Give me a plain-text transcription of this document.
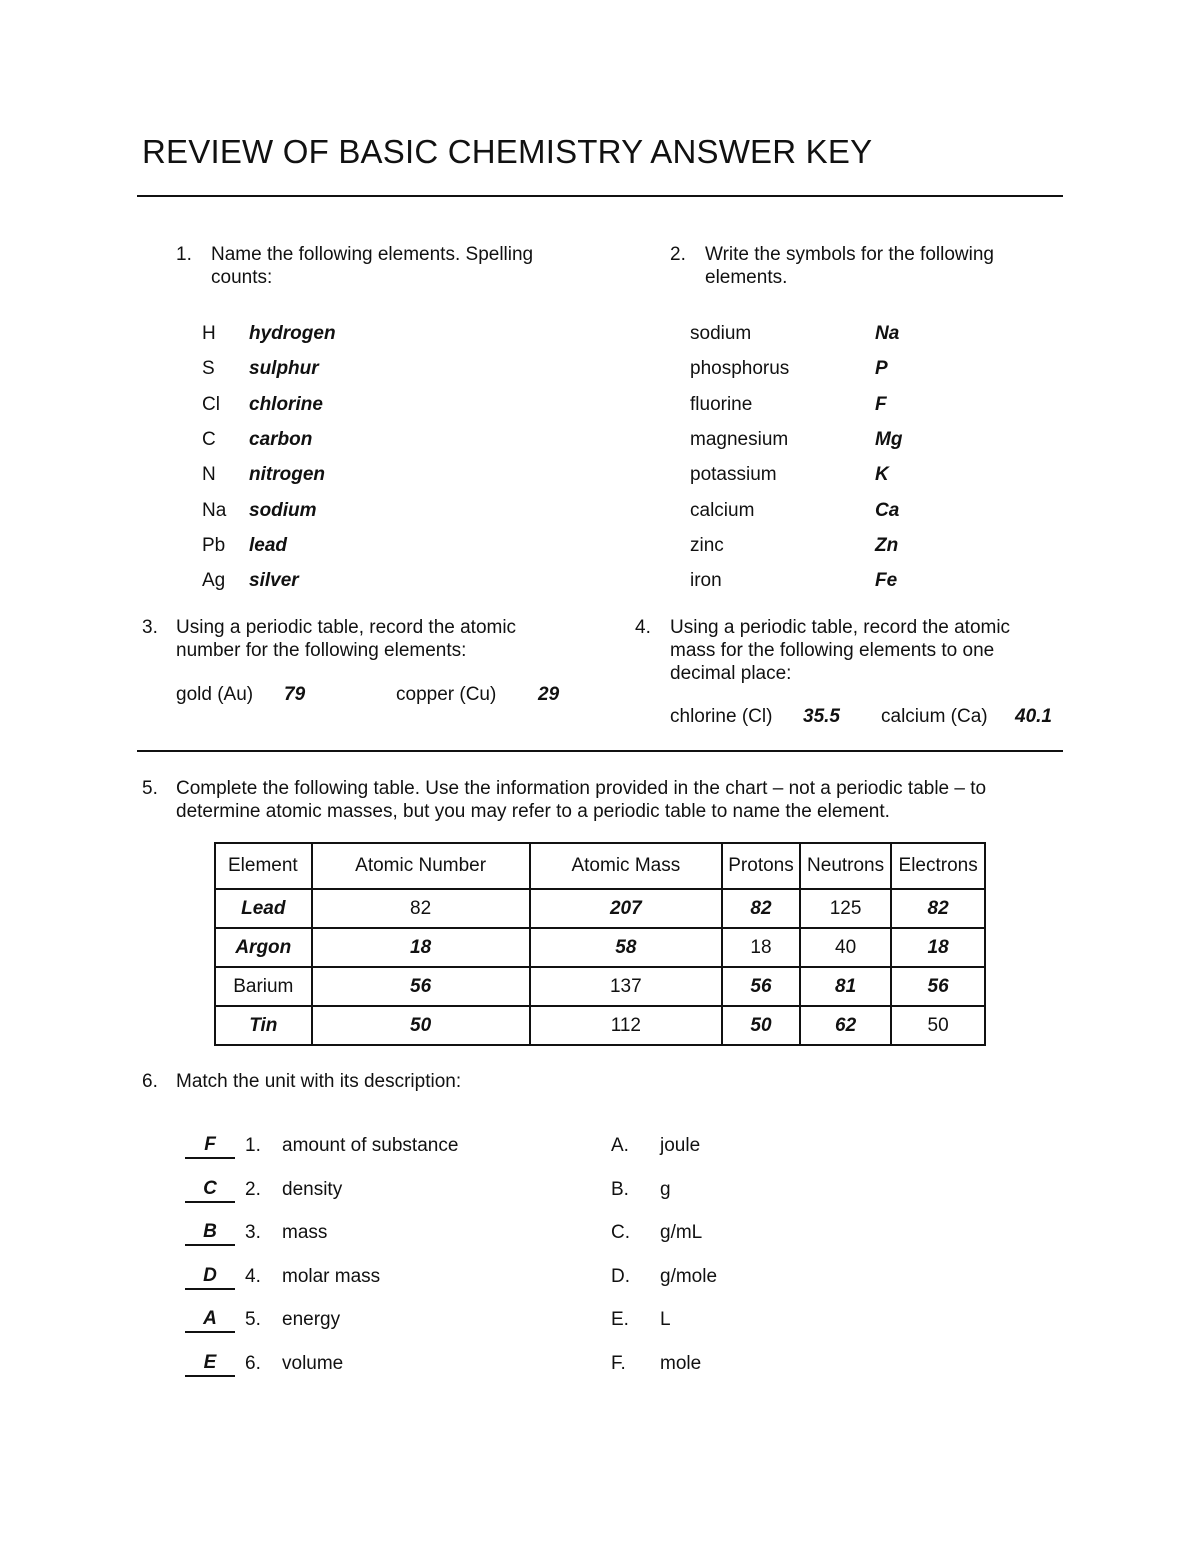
REVIEW OF BASIC CHEMISTRY ANSWER KEY
1. Name the following elements. Spelling counts:
H hydrogen
S sulphur
Cl chlorine
C carbon
N nitrogen
Na sodium
Pb lead
Ag silver
2. Write the symbols for the following elements.
sodium	Na
phosphorus	P
fluorine	F
magnesium	Mg
potassium	K
calcium	Ca
zinc	Zn
iron	Fe
3. Using a periodic table, record the atomic number for the following elements:
gold (Au) 79	copper (Cu) 29
4. Using a periodic table, record the atomic mass for the following elements to one decimal place:
chlorine (Cl) 35.5 calcium (Ca) 40.1
5. Complete the following table. Use the information provided in the chart – not a periodic table – to determine atomic masses, but you may refer to a periodic table to name the element.
Element	Atomic Number	Atomic Mass	Protons	Neutrons	Electrons
Lead	82	207	82	125	82
Argon	18	58	18	40	18
Barium	56	137	56	81	56
Tin	50	112	50	62	50
6. Match the unit with its description:
F	1. amount of substance	A. joule
C	2. density	B. g
B	3. mass	C. g/mL
D	4. molar mass	D. g/mole
A	5. energy	E. L
E	6. volume	F. mole
